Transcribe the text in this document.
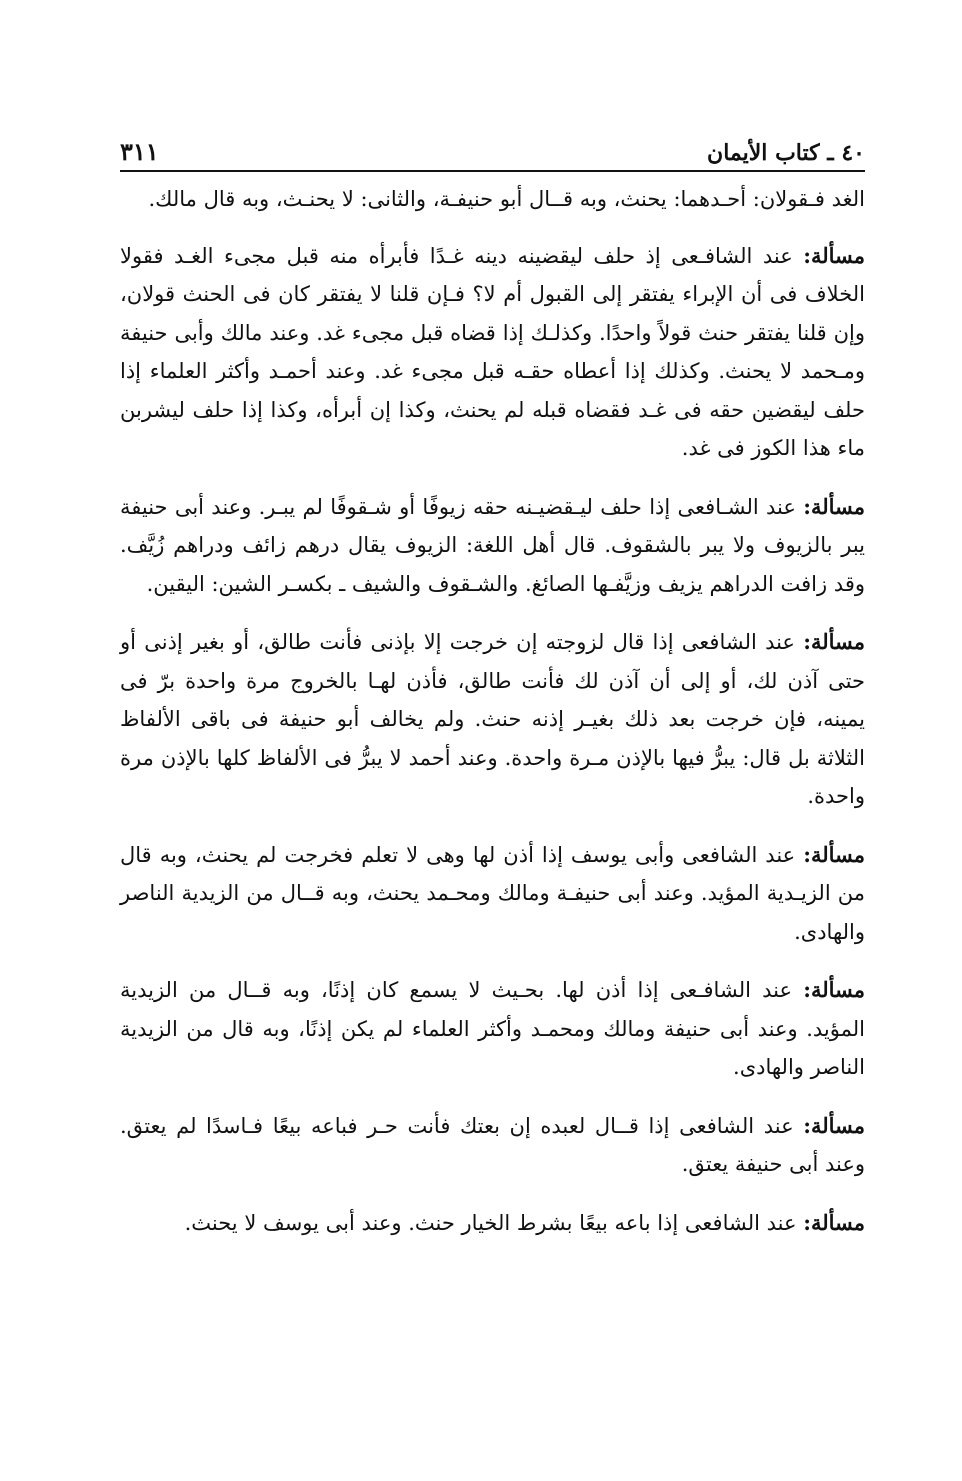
٤٠ ـ كتاب الأيمان
٣١١

الغد فـقولان: أحـدهما: يحنث، وبه قــال أبو حنيفـة، والثانى: لا يحنـث، وبه قال مالك.

مسألة: عند الشافـعى إذ حلف ليقضينه دينه غـدًا فأبرأه منه قبل مجىء الغـد فقولا الخلاف فى أن الإبراء يفتقر إلى القبول أم لا؟ فـإن قلنا لا يفتقر كان فى الحنث قولان، وإن قلنا يفتقر حنث قولاً واحدًا. وكذلـك إذا قضاه قبل مجىء غد. وعند مالك وأبى حنيفة ومـحمد لا يحنث. وكذلك إذا أعطاه حقـه قبل مجىء غد. وعند أحمـد وأكثر العلماء إذا حلف ليقضين حقه فى غـد فقضاه قبله لم يحنث، وكذا إن أبرأه، وكذا إذا حلف ليشربن ماء هذا الكوز فى غد.

مسألة: عند الشـافعى إذا حلف ليـقضيـنه حقه زيوفًا أو شـقوفًا لم يبـر. وعند أبى حنيفة يبر بالزيوف ولا يبر بالشقوف. قال أهل اللغة: الزيوف يقال درهم زائف ودراهم زُيَّف. وقد زافت الدراهم يزيف وزيَّفـها الصائغ. والشـقوف والشيف ـ بكسـر الشين: اليقين.

مسألة: عند الشافعى إذا قال لزوجته إن خرجت إلا بإذنى فأنت طالق، أو بغير إذنى أو حتى آذن لك، أو إلى أن آذن لك فأنت طالق، فأذن لهـا بالخروج مرة واحدة برّ فى يمينه، فإن خرجت بعد ذلك بغيـر إذنه حنث. ولم يخالف أبو حنيفة فى باقى الألفاظ الثلاثة بل قال: يبرُّ فيها بالإذن مـرة واحدة. وعند أحمد لا يبرُّ فى الألفاظ كلها بالإذن مرة واحدة.

مسألة: عند الشافعى وأبى يوسف إذا أذن لها وهى لا تعلم فخرجت لم يحنث، وبه قال من الزيـدية المؤيد. وعند أبى حنيفـة ومالك ومحـمد يحنث، وبه قــال من الزيدية الناصر والهادى.

مسألة: عند الشافـعى إذا أذن لها. بحـيث لا يسمع كان إذنًا، وبه قــال من الزيدية المؤيد. وعند أبى حنيفة ومالك ومحمـد وأكثر العلماء لم يكن إذنًا، وبه قال من الزيدية الناصر والهادى.

مسألة: عند الشافعى إذا قــال لعبده إن بعتك فأنت حـر فباعه بيعًا فـاسدًا لم يعتق. وعند أبى حنيفة يعتق.

مسألة: عند الشافعى إذا باعه بيعًا بشرط الخيار حنث. وعند أبى يوسف لا يحنث.
